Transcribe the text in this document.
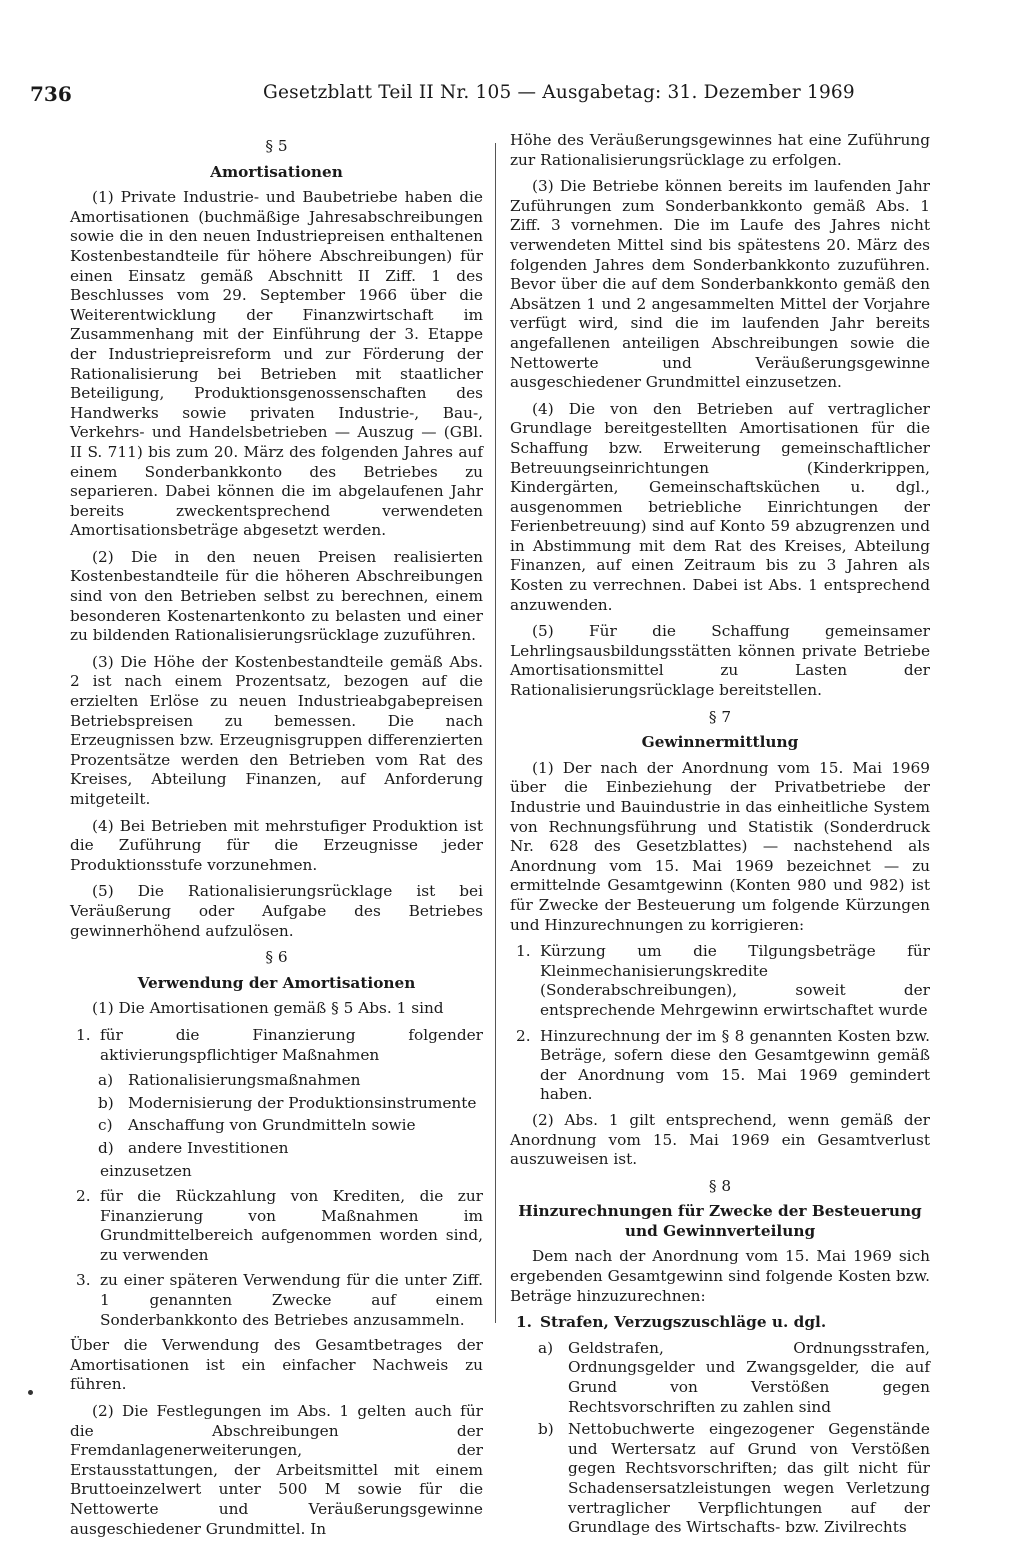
736	Gesetzblatt Teil II Nr. 105 — Ausgabetag: 31. Dezember 1969
§ 5
Amortisationen

(1) Private Industrie- und Baubetriebe haben die Amortisationen (buchmäßige Jahresabschreibungen sowie die in den neuen Industriepreisen enthaltenen Kostenbestandteile für höhere Abschreibungen) für einen Einsatz gemäß Abschnitt II Ziff. 1 des Beschlusses vom 29. September 1966 über die Weiterentwicklung der Finanzwirtschaft im Zusammenhang mit der Einführung der 3. Etappe der Industriepreisreform und zur Förderung der Rationalisierung bei Betrieben mit staatlicher Beteiligung, Produktionsgenossenschaften des Handwerks sowie privaten Industrie-, Bau-, Verkehrs- und Handelsbetrieben — Auszug — (GBl. II S. 711) bis zum 20. März des folgenden Jahres auf einem Sonderbankkonto des Betriebes zu separieren. Dabei können die im abgelaufenen Jahr bereits zweckentsprechend verwendeten Amortisationsbeträge abgesetzt werden.

(2) Die in den neuen Preisen realisierten Kostenbestandteile für die höheren Abschreibungen sind von den Betrieben selbst zu berechnen, einem besonderen Kostenartenkonto zu belasten und einer zu bildenden Rationalisierungsrücklage zuzuführen.

(3) Die Höhe der Kostenbestandteile gemäß Abs. 2 ist nach einem Prozentsatz, bezogen auf die erzielten Erlöse zu neuen Industrieabgabepreisen Betriebspreisen zu bemessen. Die nach Erzeugnissen bzw. Erzeugnisgruppen differenzierten Prozentsätze werden den Betrieben vom Rat des Kreises, Abteilung Finanzen, auf Anforderung mitgeteilt.

(4) Bei Betrieben mit mehrstufiger Produktion ist die Zuführung für die Erzeugnisse jeder Produktionsstufe vorzunehmen.

(5) Die Rationalisierungsrücklage ist bei Veräußerung oder Aufgabe des Betriebes gewinnerhöhend aufzulösen.

§ 6
Verwendung der Amortisationen

(1) Die Amortisationen gemäß § 5 Abs. 1 sind

1. für die Finanzierung folgender aktivierungspflichtiger Maßnahmen
a) Rationalisierungsmaßnahmen
b) Modernisierung der Produktionsinstrumente
c) Anschaffung von Grundmitteln sowie
d) andere Investitionen
einzusetzen
2. für die Rückzahlung von Krediten, die zur Finanzierung von Maßnahmen im Grundmittelbereich aufgenommen worden sind, zu verwenden
3. zu einer späteren Verwendung für die unter Ziff. 1 genannten Zwecke auf einem Sonderbankkonto des Betriebes anzusammeln.

Über die Verwendung des Gesamtbetrages der Amortisationen ist ein einfacher Nachweis zu führen.

(2) Die Festlegungen im Abs. 1 gelten auch für die Abschreibungen der Fremdanlagenerweiterungen, der Erstausstattungen, der Arbeitsmittel mit einem Bruttoeinzelwert unter 500 M sowie für die Nettowerte und Veräußerungsgewinne ausgeschiedener Grundmittel. In

Höhe des Veräußerungsgewinnes hat eine Zuführung zur Rationalisierungsrücklage zu erfolgen.

(3) Die Betriebe können bereits im laufenden Jahr Zuführungen zum Sonderbankkonto gemäß Abs. 1 Ziff. 3 vornehmen. Die im Laufe des Jahres nicht verwendeten Mittel sind bis spätestens 20. März des folgenden Jahres dem Sonderbankkonto zuzuführen. Bevor über die auf dem Sonderbankkonto gemäß den Absätzen 1 und 2 angesammelten Mittel der Vorjahre verfügt wird, sind die im laufenden Jahr bereits angefallenen anteiligen Abschreibungen sowie die Nettowerte und Veräußerungsgewinne ausgeschiedener Grundmittel einzusetzen.

(4) Die von den Betrieben auf vertraglicher Grundlage bereitgestellten Amortisationen für die Schaffung bzw. Erweiterung gemeinschaftlicher Betreuungseinrichtungen (Kinderkrippen, Kindergärten, Gemeinschaftsküchen u. dgl., ausgenommen betriebliche Einrichtungen der Ferienbetreuung) sind auf Konto 59 abzugrenzen und in Abstimmung mit dem Rat des Kreises, Abteilung Finanzen, auf einen Zeitraum bis zu 3 Jahren als Kosten zu verrechnen. Dabei ist Abs. 1 entsprechend anzuwenden.

(5) Für die Schaffung gemeinsamer Lehrlingsausbildungsstätten können private Betriebe Amortisationsmittel zu Lasten der Rationalisierungsrücklage bereitstellen.

§ 7
Gewinnermittlung

(1) Der nach der Anordnung vom 15. Mai 1969 über die Einbeziehung der Privatbetriebe der Industrie und Bauindustrie in das einheitliche System von Rechnungsführung und Statistik (Sonderdruck Nr. 628 des Gesetzblattes) — nachstehend als Anordnung vom 15. Mai 1969 bezeichnet — zu ermittelnde Gesamtgewinn (Konten 980 und 982) ist für Zwecke der Besteuerung um folgende Kürzungen und Hinzurechnungen zu korrigieren:

1. Kürzung um die Tilgungsbeträge für Kleinmechanisierungskredite (Sonderabschreibungen), soweit der entsprechende Mehrgewinn erwirtschaftet wurde
2. Hinzurechnung der im § 8 genannten Kosten bzw. Beträge, sofern diese den Gesamtgewinn gemäß der Anordnung vom 15. Mai 1969 gemindert haben.

(2) Abs. 1 gilt entsprechend, wenn gemäß der Anordnung vom 15. Mai 1969 ein Gesamtverlust auszuweisen ist.

§ 8
Hinzurechnungen für Zwecke der Besteuerung
und Gewinnverteilung

Dem nach der Anordnung vom 15. Mai 1969 sich ergebenden Gesamtgewinn sind folgende Kosten bzw. Beträge hinzuzurechnen:

1. Strafen, Verzugszuschläge u. dgl.
a) Geldstrafen, Ordnungsstrafen, Ordnungsgelder und Zwangsgelder, die auf Grund von Verstößen gegen Rechtsvorschriften zu zahlen sind
b) Nettobuchwerte eingezogener Gegenstände und Wertersatz auf Grund von Verstößen gegen Rechtsvorschriften; das gilt nicht für Schadensersatzleistungen wegen Verletzung vertraglicher Verpflichtungen auf der Grundlage des Wirtschafts- bzw. Zivilrechts
